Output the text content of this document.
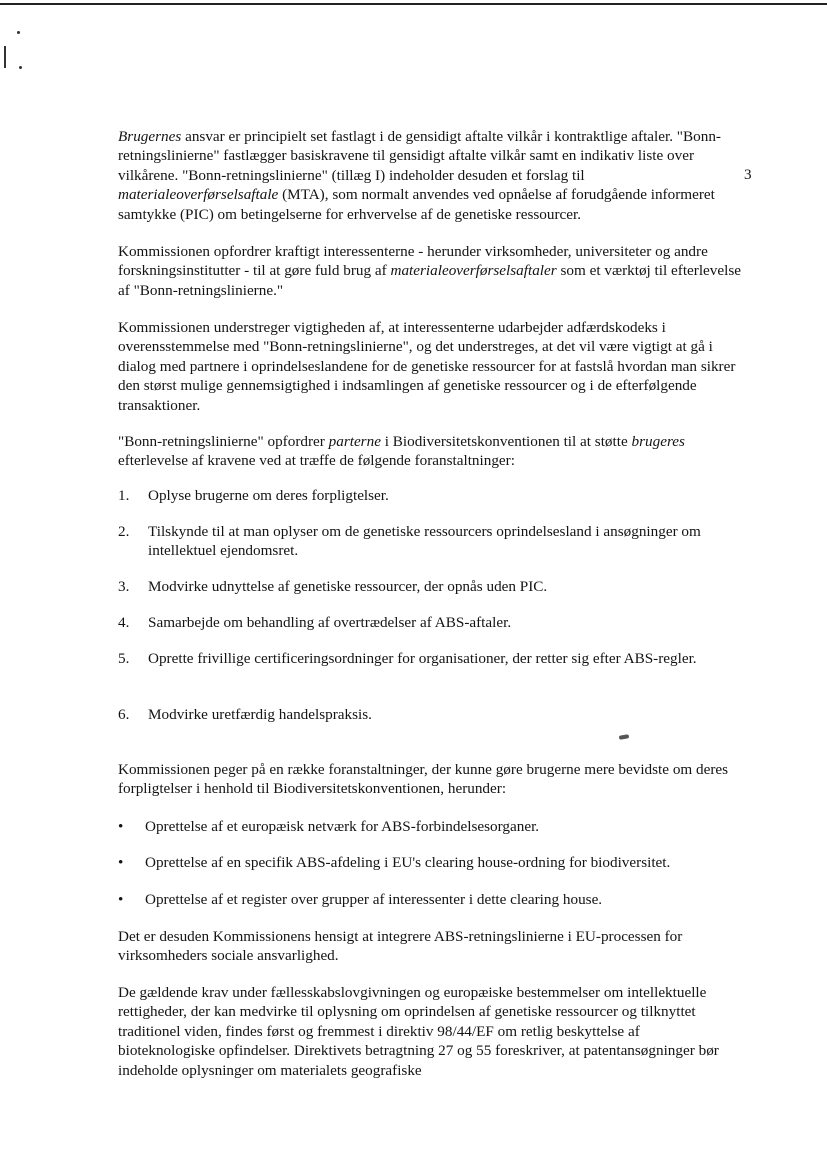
3

Brugernes ansvar er principielt set fastlagt i de gensidigt aftalte vilkår i kontraktlige aftaler. "Bonn-retningslinierne" fastlægger basiskravene til gensidigt aftalte vilkår samt en indikativ liste over vilkårene. "Bonn-retningslinierne" (tillæg I) indeholder desuden et forslag til materialeoverførselsaftale (MTA), som normalt anvendes ved opnåelse af forudgående informeret samtykke (PIC) om betingelserne for erhvervelse af de genetiske ressourcer.

Kommissionen opfordrer kraftigt interessenterne - herunder virksomheder, universiteter og andre forskningsinstitutter - til at gøre fuld brug af materialeoverførselsaftaler som et værktøj til efterlevelse af "Bonn-retningslinierne."

Kommissionen understreger vigtigheden af, at interessenterne udarbejder adfærdskodeks i overensstemmelse med "Bonn-retningslinierne", og det understreges, at det vil være vigtigt at gå i dialog med partnere i oprindelseslandene for de genetiske ressourcer for at fastslå hvordan man sikrer den størst mulige gennemsigtighed i indsamlingen af genetiske ressourcer og i de efterfølgende transaktioner.

"Bonn-retningslinierne" opfordrer parterne i Biodiversitetskonventionen til at støtte brugeres efterlevelse af kravene ved at træffe de følgende foranstaltninger:

1.	Oplyse brugerne om deres forpligtelser.
2.	Tilskynde til at man oplyser om de genetiske ressourcers oprindelsesland i ansøgninger om intellektuel ejendomsret.
3.	Modvirke udnyttelse af genetiske ressourcer, der opnås uden PIC.
4.	Samarbejde om behandling af overtrædelser af ABS-aftaler.
5.	Oprette frivillige certificeringsordninger for organisationer, der retter sig efter ABS-regler.
6.	Modvirke uretfærdig handelspraksis.

Kommissionen peger på en række foranstaltninger, der kunne gøre brugerne mere bevidste om deres forpligtelser i henhold til Biodiversitetskonventionen, herunder:

•	Oprettelse af et europæisk netværk for ABS-forbindelsesorganer.
•	Oprettelse af en specifik ABS-afdeling i EU's clearing house-ordning for biodiversitet.
•	Oprettelse af et register over grupper af interessenter i dette clearing house.

Det er desuden Kommissionens hensigt at integrere ABS-retningslinierne i EU-processen for virksomheders sociale ansvarlighed.

De gældende krav under fællesskabslovgivningen og europæiske bestemmelser om intellektuelle rettigheder, der kan medvirke til oplysning om oprindelsen af genetiske ressourcer og tilknyttet traditionel viden, findes først og fremmest i direktiv 98/44/EF om retlig beskyttelse af bioteknologiske opfindelser. Direktivets betragtning 27 og 55 foreskriver, at patentansøgninger bør indeholde oplysninger om materialets geografiske
